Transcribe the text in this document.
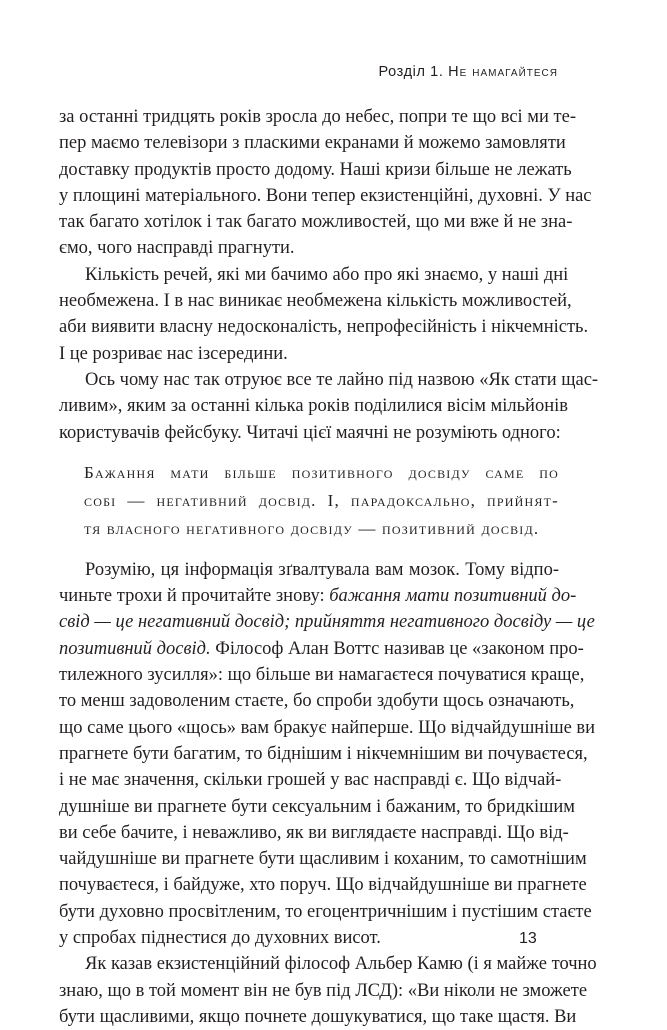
Розділ 1. Не намагайтеся
за останні тридцять років зросла до небес, попри те що всі ми те-
пер маємо телевізори з пласкими екранами й можемо замовляти
доставку продуктів просто додому. Наші кризи більше не лежать
у площині матеріального. Вони тепер екзистенційні, духовні. У нас
так багато хотілок і так багато можливостей, що ми вже й не зна-
ємо, чого насправді прагнути.
Кількість речей, які ми бачимо або про які знаємо, у наші дні
необмежена. І в нас виникає необмежена кількість можливостей,
аби виявити власну недосконалість, непрофесійність і нікчемність.
І це розриває нас ізсередини.
Ось чому нас так отруює все те лайно під назвою «Як стати щас-
ливим», яким за останні кілька років поділилися вісім мільйонів
користувачів фейсбуку. Читачі цієї маячні не розуміють одного:
Бажання мати більше позитивного досвіду саме по
собі — негативний досвід. І, парадоксально, прийнят-
тя власного негативного досвіду — позитивний досвід.
Розумію, ця інформація зґвалтувала вам мозок. Тому відпо-
чиньте трохи й прочитайте знову: бажання мати позитивний до-
свід — це негативний досвід; прийняття негативного досвіду — це
позитивний досвід. Філософ Алан Воттс називав це «законом про-
тилежного зусилля»: що більше ви намагаєтеся почуватися краще,
то менш задоволеним стаєте, бо спроби здобути щось означають,
що саме цього «щось» вам бракує найперше. Що відчайдушніше ви
прагнете бути багатим, то біднішим і нікчемнішим ви почуваєтеся,
і не має значення, скільки грошей у вас насправді є. Що відчай-
душніше ви прагнете бути сексуальним і бажаним, то бридкішим
ви себе бачите, і неважливо, як ви виглядаєте насправді. Що від-
чайдушніше ви прагнете бути щасливим і коханим, то самотнішим
почуваєтеся, і байдуже, хто поруч. Що відчайдушніше ви прагнете
бути духовно просвітленим, то егоцентричнішим і пустішим стаєте
у спробах піднестися до духовних висот.
Як казав екзистенційний філософ Альбер Камю (і я майже точно
знаю, що в той момент він не був під ЛСД): «Ви ніколи не зможете
бути щасливими, якщо почнете дошукуватися, що таке щастя. Ви
13
